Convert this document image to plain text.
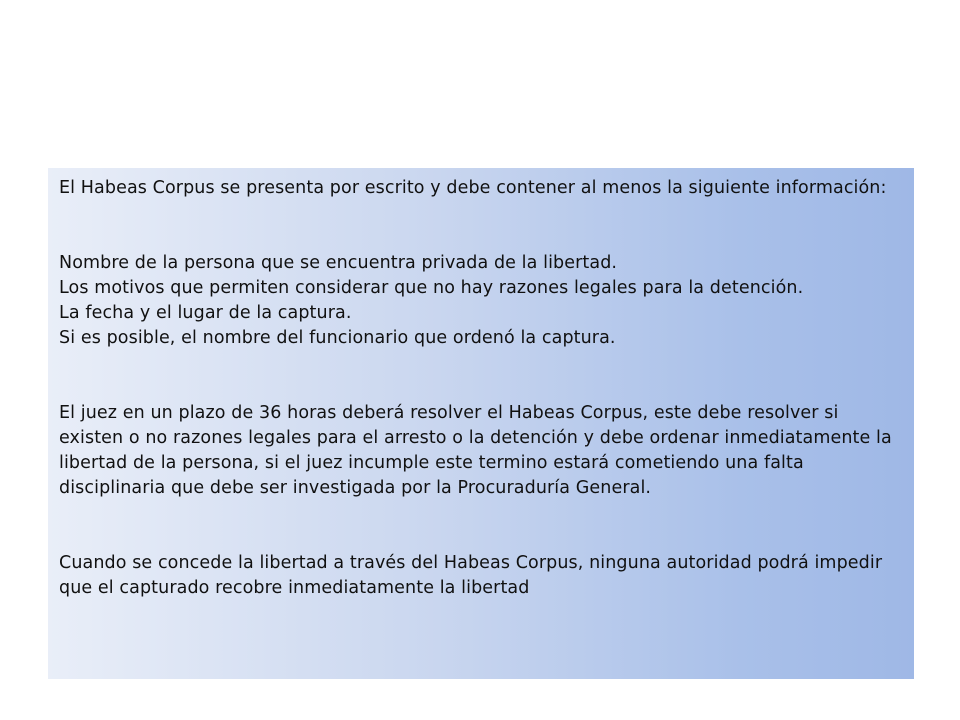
El Habeas Corpus se presenta por escrito y debe contener al menos la siguiente información:

Nombre de la persona que se encuentra privada de la libertad.
Los motivos que permiten considerar que no hay razones legales para la detención.
La fecha y el lugar de la captura.
Si es posible, el nombre del funcionario que ordenó la captura.

El juez en un plazo de 36 horas deberá resolver el Habeas Corpus, este debe resolver si existen o no razones legales para el arresto o la detención y debe ordenar inmediatamente la libertad de la persona, si el juez incumple este termino estará cometiendo una falta disciplinaria que debe ser investigada por la Procuraduría General.

Cuando se concede la libertad a través del Habeas Corpus, ninguna autoridad podrá impedir que el capturado recobre inmediatamente la libertad
